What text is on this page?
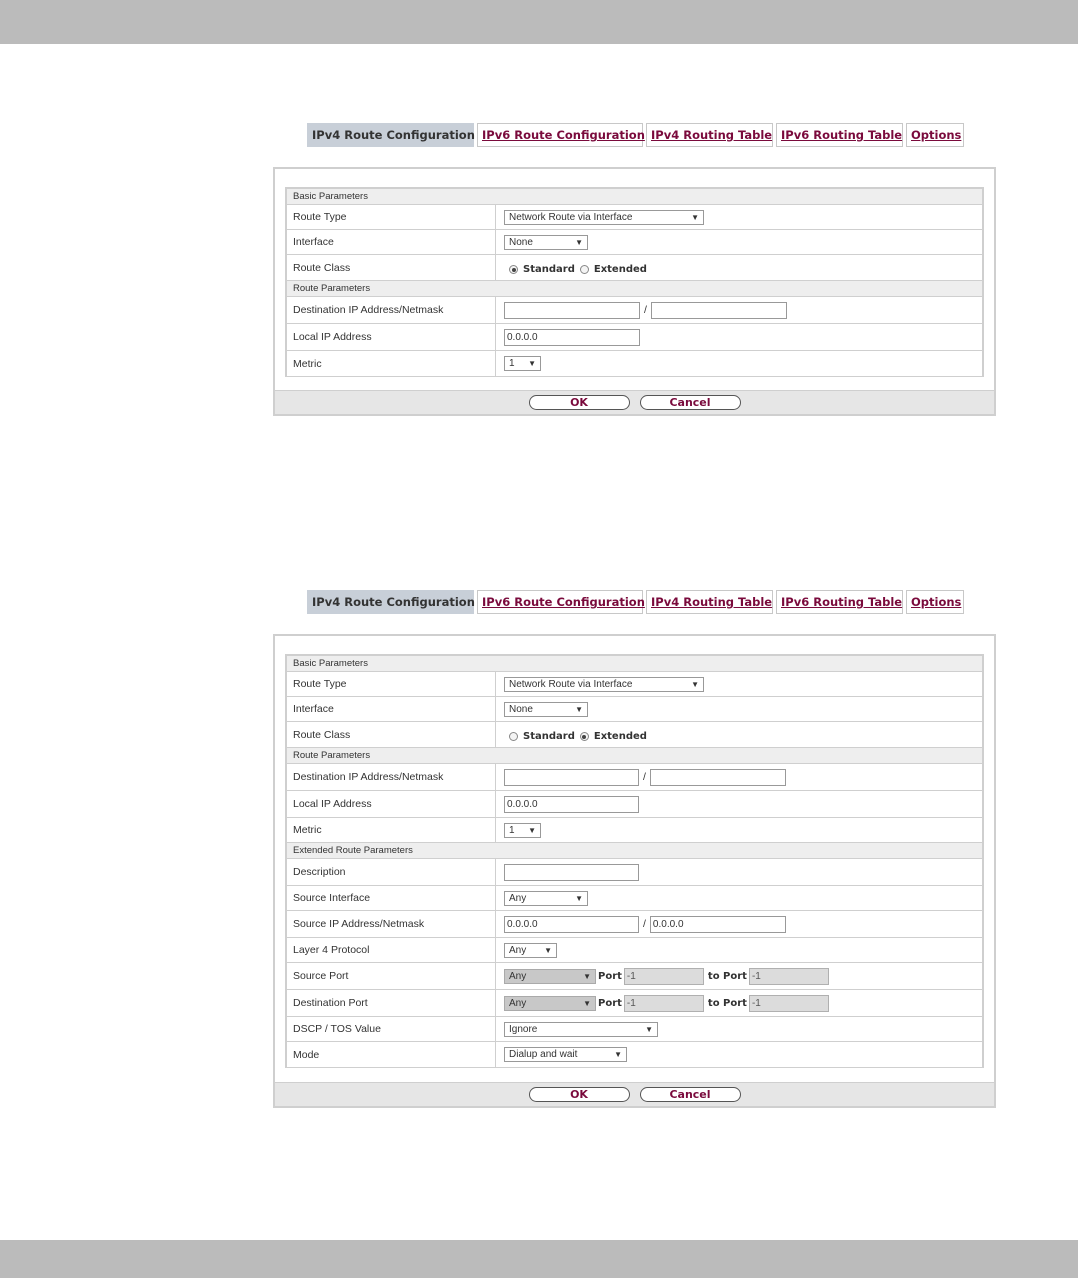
IPv4 Route Configuration IPv6 Route Configuration IPv4 Routing Table IPv6 Routing Table Options
Basic Parameters
Route Type	Network Route via Interface	▼
Interface	None	▼
Route Class	Standard Extended
Route Parameters
Destination IP Address/Netmask	/
Local IP Address	0.0.0.0
Metric	1 ▼
OK	Cancel
IPv4 Route Configuration IPv6 Route Configuration IPv4 Routing Table IPv6 Routing Table Options
Basic Parameters
Route Type	Network Route via Interface	▼
Interface	None	▼
Route Class	Standard Extended
Route Parameters
Destination IP Address/Netmask	/
Local IP Address	0.0.0.0
Metric	1 ▼
Extended Route Parameters
Description
Source Interface	Any	▼
Source IP Address/Netmask	0.0.0.0	/ 0.0.0.0
Layer 4 Protocol	Any ▼
Source Port	Any	▼ Port -1	to Port -1
Destination Port	Any	▼ Port -1	to Port -1
DSCP / TOS Value	Ignore	▼
Mode	Dialup and wait	▼
OK	Cancel
